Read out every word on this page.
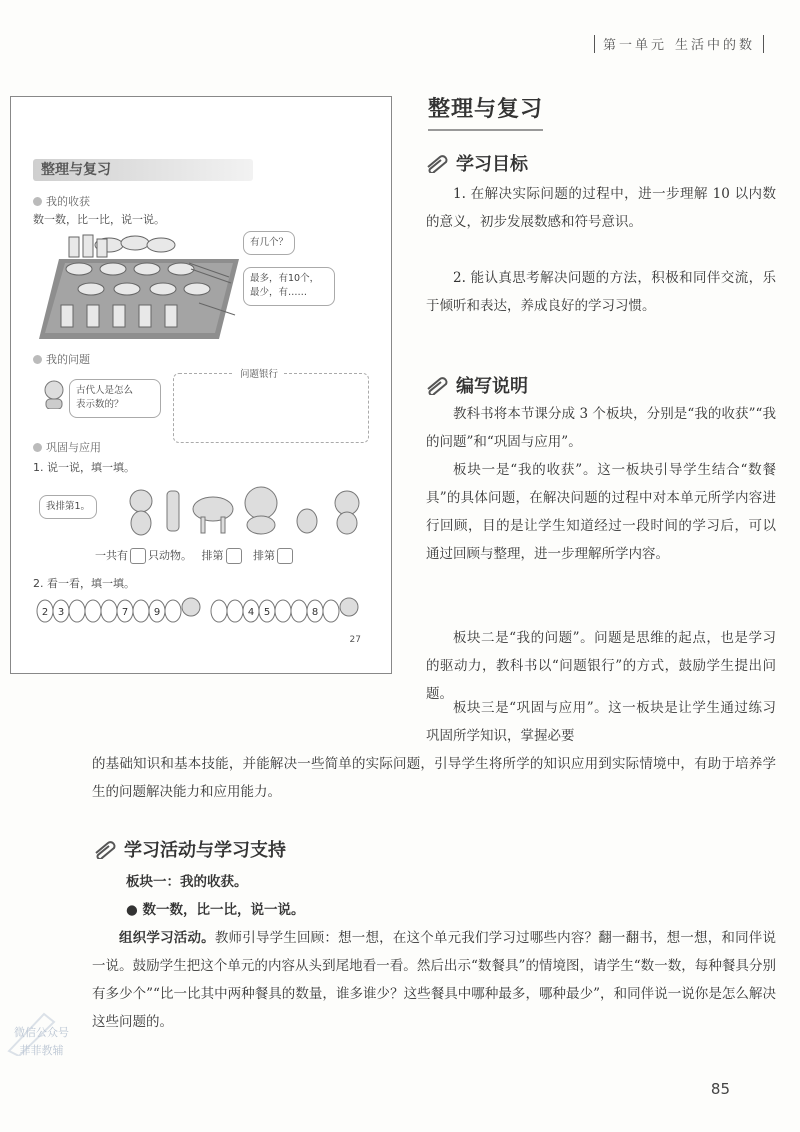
第一单元 生活中的数
整理与复习
我的收获
数一数，比一比，说一说。
有几个？
最多，有10个，
最少，有……
我的问题
古代人是怎么
表示数的？
问题银行
巩固与应用
1. 说一说，填一填。
我排第1。
一共有 只动物。 排第	排第
2. 看一看，填一填。
2 3	7	9	4 5	8
27
整理与复习
学习目标
1. 在解决实际问题的过程中，进一步理解 10 以内数的意义，初步发展数感和符号意识。
2. 能认真思考解决问题的方法，积极和同伴交流，乐于倾听和表达，养成良好的学习习惯。
编写说明
教科书将本节课分成 3 个板块，分别是“我的收获”“我的问题”和“巩固与应用”。
板块一是“我的收获”。这一板块引导学生结合“数餐具”的具体问题，在解决问题的过程中对本单元所学内容进行回顾，目的是让学生知道经过一段时间的学习后，可以通过回顾与整理，进一步理解所学内容。
板块二是“我的问题”。问题是思维的起点，也是学习的驱动力，教科书以“问题银行”的方式，鼓励学生提出问题。
板块三是“巩固与应用”。这一板块是让学生通过练习巩固所学知识，掌握必要
的基础知识和基本技能，并能解决一些简单的实际问题，引导学生将所学的知识应用到实际情境中，有助于培养学生的问题解决能力和应用能力。
学习活动与学习支持
板块一：我的收获。
● 数一数，比一比，说一说。
组织学习活动。教师引导学生回顾：想一想，在这个单元我们学习过哪些内容？翻一翻书，想一想，和同伴说一说。鼓励学生把这个单元的内容从头到尾地看一看。然后出示“数餐具”的情境图，请学生“数一数，每种餐具分别有多少个”“比一比其中两种餐具的数量，谁多谁少？这些餐具中哪种最多，哪种最少”，和同伴说一说你是怎么解决这些问题的。
微信公众号
菲菲教辅
85
